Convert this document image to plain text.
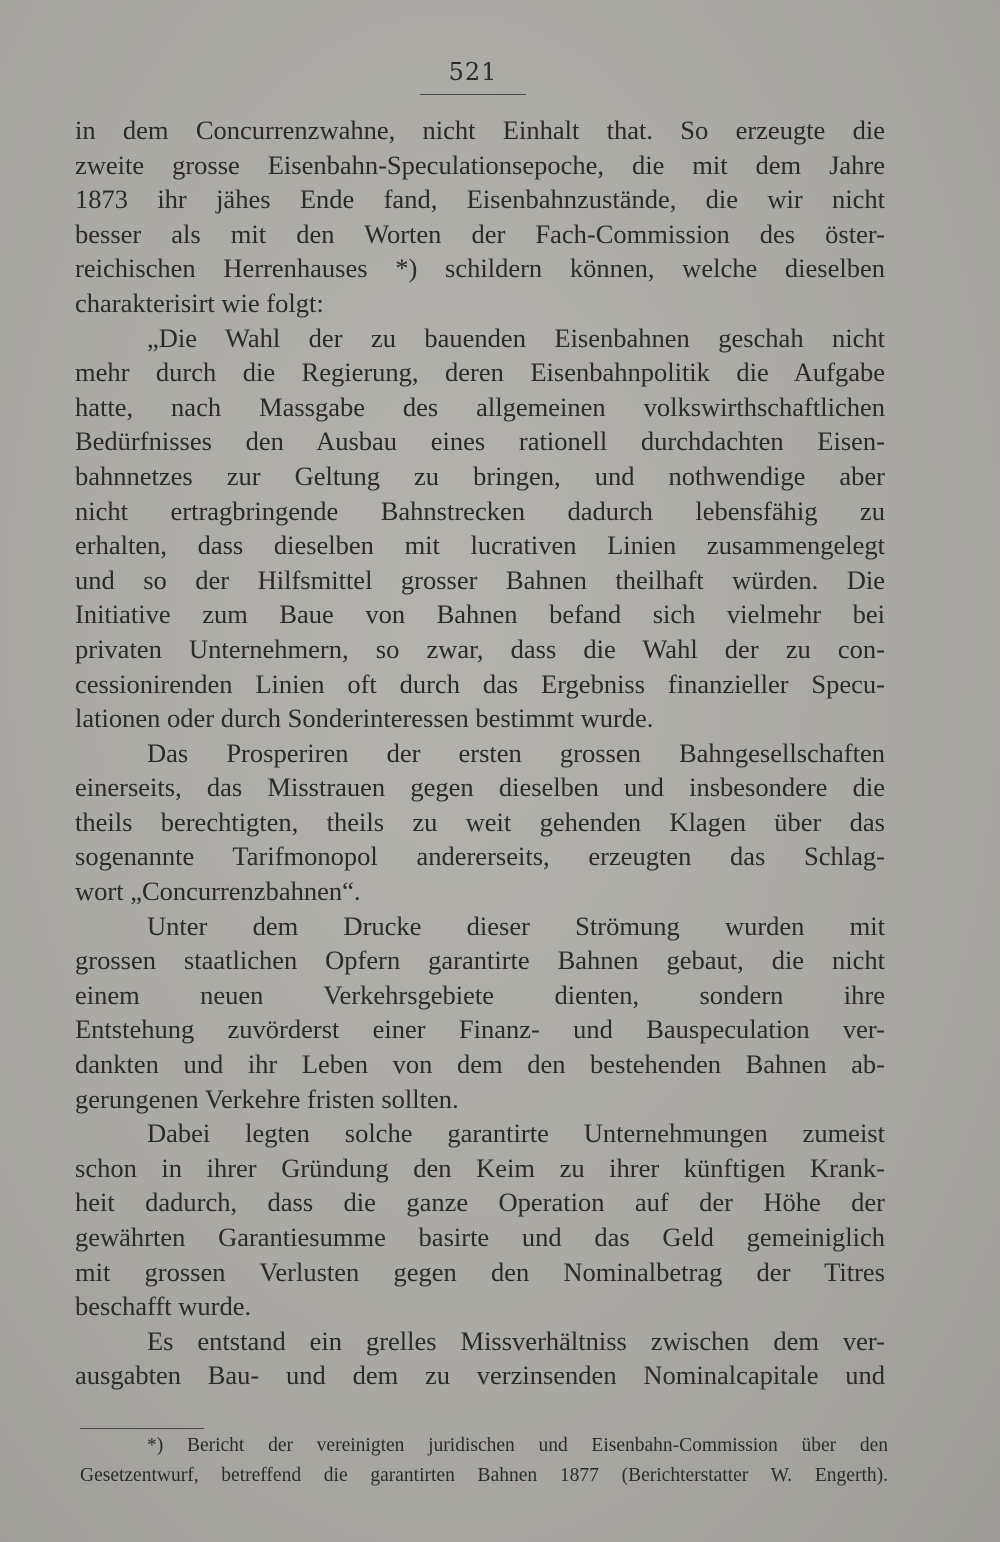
521
in dem Concurrenzwahne, nicht Einhalt that. So erzeugte die
zweite grosse Eisenbahn-Speculationsepoche, die mit dem Jahre
1873 ihr jähes Ende fand, Eisenbahnzustände, die wir nicht
besser als mit den Worten der Fach-Commission des öster-
reichischen Herrenhauses *) schildern können, welche dieselben
charakterisirt wie folgt:
„Die Wahl der zu bauenden Eisenbahnen geschah nicht
mehr durch die Regierung, deren Eisenbahnpolitik die Aufgabe
hatte, nach Massgabe des allgemeinen volkswirthschaftlichen
Bedürfnisses den Ausbau eines rationell durchdachten Eisen-
bahnnetzes zur Geltung zu bringen, und nothwendige aber
nicht ertragbringende Bahnstrecken dadurch lebensfähig zu
erhalten, dass dieselben mit lucrativen Linien zusammengelegt
und so der Hilfsmittel grosser Bahnen theilhaft würden. Die
Initiative zum Baue von Bahnen befand sich vielmehr bei
privaten Unternehmern, so zwar, dass die Wahl der zu con-
cessionirenden Linien oft durch das Ergebniss finanzieller Specu-
lationen oder durch Sonderinteressen bestimmt wurde.
Das Prosperiren der ersten grossen Bahngesellschaften
einerseits, das Misstrauen gegen dieselben und insbesondere die
theils berechtigten, theils zu weit gehenden Klagen über das
sogenannte Tarifmonopol andererseits, erzeugten das Schlag-
wort „Concurrenzbahnen“.
Unter dem Drucke dieser Strömung wurden mit
grossen staatlichen Opfern garantirte Bahnen gebaut, die nicht
einem neuen Verkehrsgebiete dienten, sondern ihre
Entstehung zuvörderst einer Finanz- und Bauspeculation ver-
dankten und ihr Leben von dem den bestehenden Bahnen ab-
gerungenen Verkehre fristen sollten.
Dabei legten solche garantirte Unternehmungen zumeist
schon in ihrer Gründung den Keim zu ihrer künftigen Krank-
heit dadurch, dass die ganze Operation auf der Höhe der
gewährten Garantiesumme basirte und das Geld gemeiniglich
mit grossen Verlusten gegen den Nominalbetrag der Titres
beschafft wurde.
Es entstand ein grelles Missverhältniss zwischen dem ver-
ausgabten Bau- und dem zu verzinsenden Nominalcapitale und
*) Bericht der vereinigten juridischen und Eisenbahn-Commission über den
Gesetzentwurf, betreffend die garantirten Bahnen 1877 (Berichterstatter W. Engerth).
